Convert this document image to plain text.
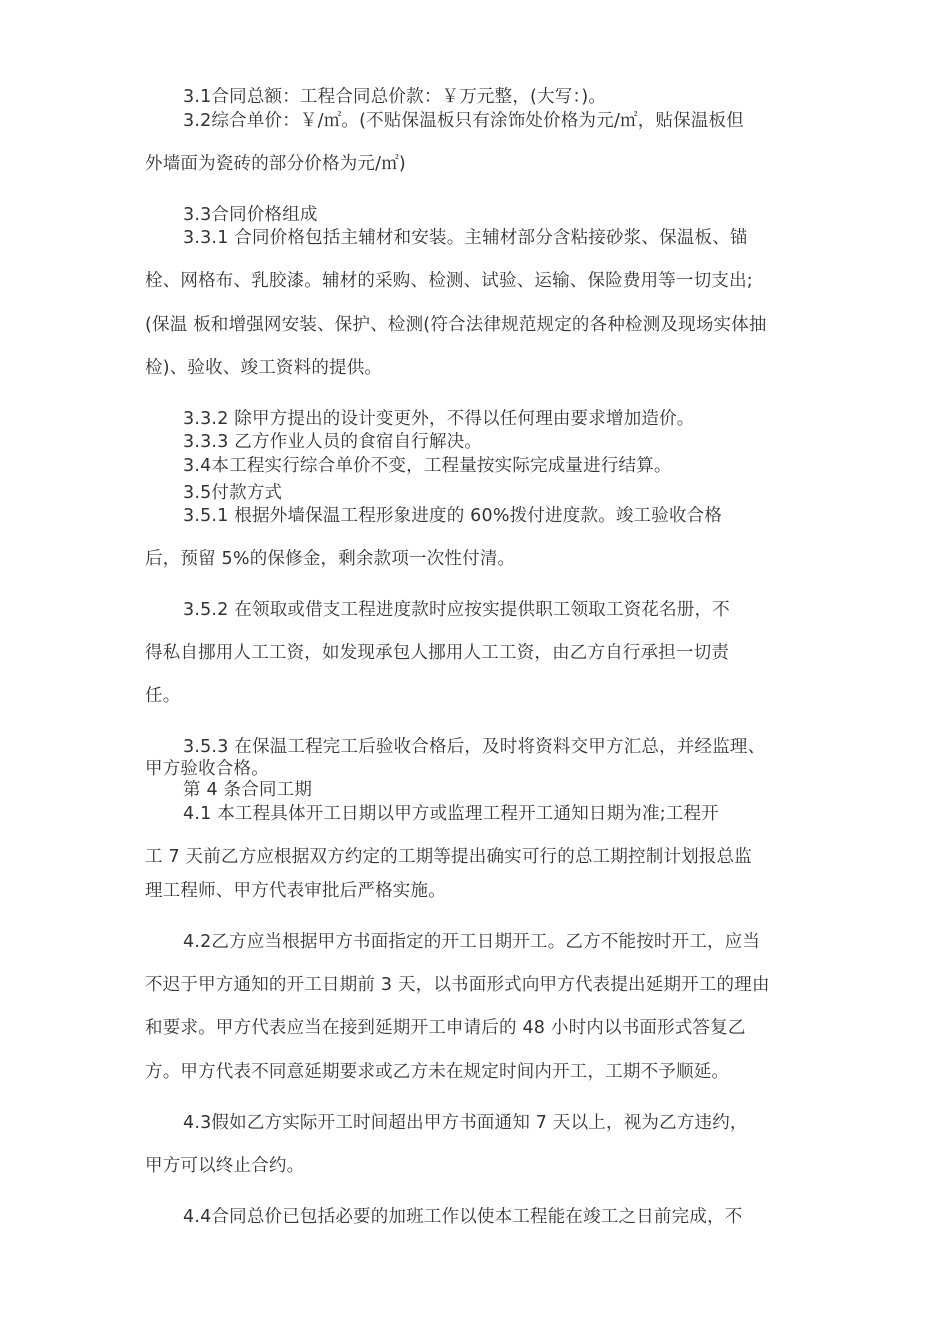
3.1合同总额：工程合同总价款：￥万元整，(大写：)。
3.2综合单价：￥/㎡。(不贴保温板只有涂饰处价格为元/㎡，贴保温板但
外墙面为瓷砖的部分价格为元/㎡)
3.3合同价格组成
3.3.1 合同价格包括主辅材和安装。主辅材部分含粘接砂浆、保温板、锚
栓、网格布、乳胶漆。辅材的采购、检测、试验、运输、保险费用等一切支出;
(保温 板和增强网安装、保护、检测(符合法律规范规定的各种检测及现场实体抽
检)、验收、竣工资料的提供。
3.3.2 除甲方提出的设计变更外，不得以任何理由要求增加造价。
3.3.3 乙方作业人员的食宿自行解决。
3.4本工程实行综合单价不变，工程量按实际完成量进行结算。
3.5付款方式
3.5.1 根据外墙保温工程形象进度的 60%拨付进度款。竣工验收合格
后，预留 5%的保修金，剩余款项一次性付清。
3.5.2 在领取或借支工程进度款时应按实提供职工领取工资花名册，不
得私自挪用人工工资，如发现承包人挪用人工工资，由乙方自行承担一切责
任。
3.5.3 在保温工程完工后验收合格后，及时将资料交甲方汇总，并经监理、
甲方验收合格。
第 4 条合同工期
4.1 本工程具体开工日期以甲方或监理工程开工通知日期为准;工程开
工 7 天前乙方应根据双方约定的工期等提出确实可行的总工期控制计划报总监
理工程师、甲方代表审批后严格实施。
4.2乙方应当根据甲方书面指定的开工日期开工。乙方不能按时开工，应当
不迟于甲方通知的开工日期前 3 天，以书面形式向甲方代表提出延期开工的理由
和要求。甲方代表应当在接到延期开工申请后的 48 小时内以书面形式答复乙
方。甲方代表不同意延期要求或乙方未在规定时间内开工，工期不予顺延。
4.3假如乙方实际开工时间超出甲方书面通知 7 天以上，视为乙方违约，
甲方可以终止合约。
4.4合同总价已包括必要的加班工作以使本工程能在竣工之日前完成，不
